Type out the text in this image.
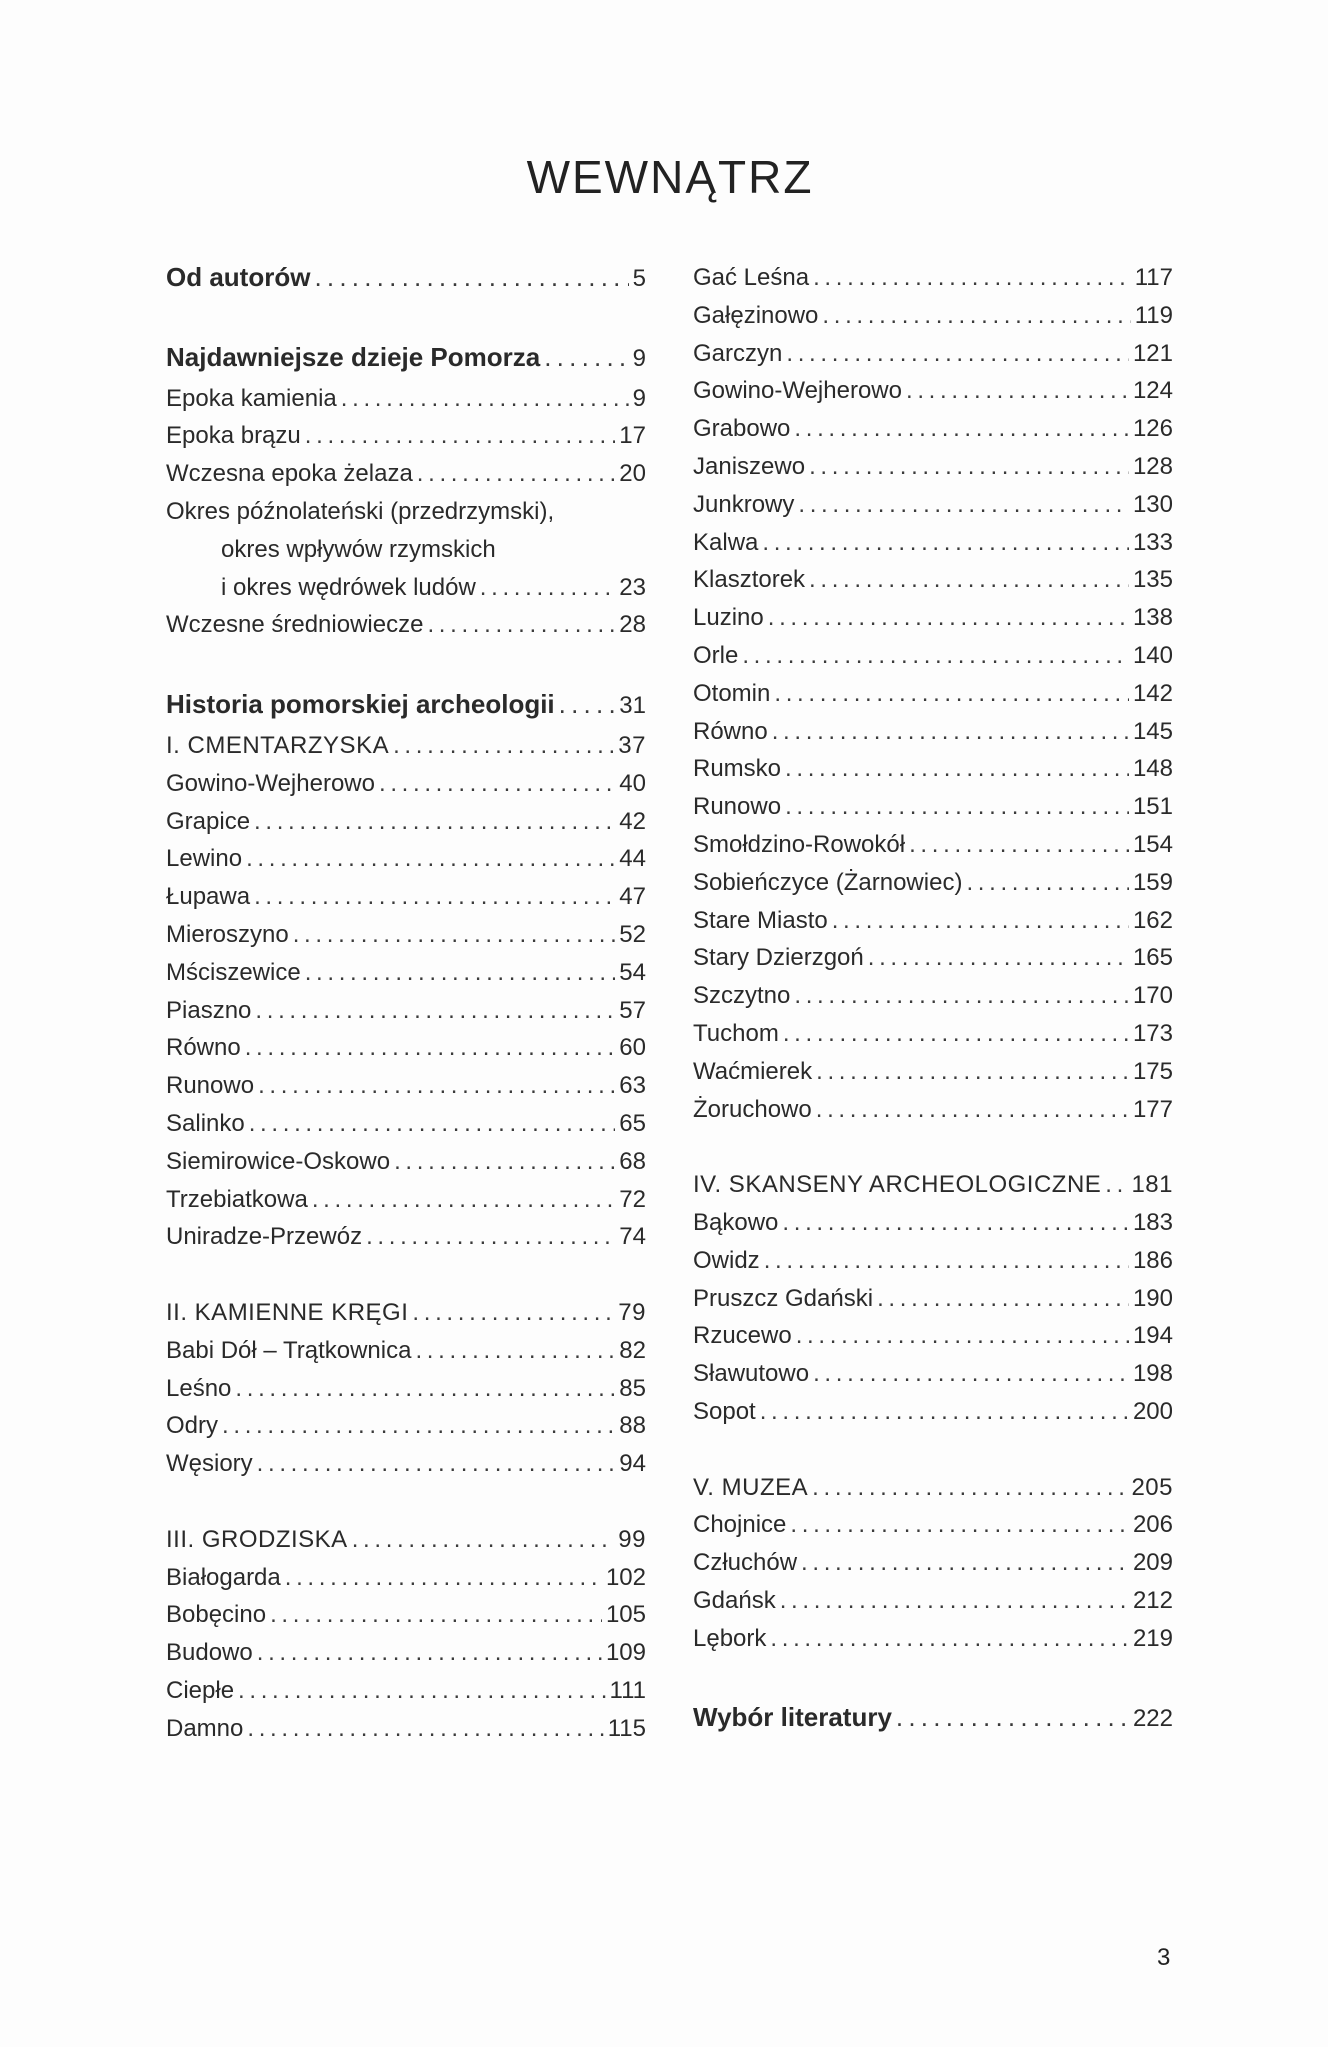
WEWNĄTRZ
Od autorów . . .	5
Najdawniejsze dzieje Pomorza . . .	9
Epoka kamienia . . .	9
Epoka brązu . . .	17
Wczesna epoka żelaza . . .	20
Okres późnolateński (przedrzymski),
okres wpływów rzymskich
i okres wędrówek ludów . . .	23
Wczesne średniowiecze . . .	28
Historia pomorskiej archeologii . . .	31
I. CMENTARZYSKA . . .	37
Gowino-Wejherowo . . .	40
Grapice . . .	42
Lewino . . .	44
Łupawa . . .	47
Mieroszyno . . .	52
Mściszewice . . .	54
Piaszno . . .	57
Równo . . .	60
Runowo . . .	63
Salinko . . .	65
Siemirowice-Oskowo . . .	68
Trzebiatkowa . . .	72
Uniradze-Przewóz . . .	74
II. KAMIENNE KRĘGI . . .	79
Babi Dół – Trątkownica . . .	82
Leśno . . .	85
Odry . . .	88
Węsiory . . .	94
III. GRODZISKA . . .	99
Białogarda . . .	102
Bobęcino . . .	105
Budowo . . .	109
Ciepłe . . .	111
Damno . . .	115
Gać Leśna . . .	117
Gałęzinowo . . .	119
Garczyn . . .	121
Gowino-Wejherowo . . .	124
Grabowo . . .	126
Janiszewo . . .	128
Junkrowy . . .	130
Kalwa . . .	133
Klasztorek . . .	135
Luzino . . .	138
Orle . . .	140
Otomin . . .	142
Równo . . .	145
Rumsko . . .	148
Runowo . . .	151
Smołdzino-Rowokół . . .	154
Sobieńczyce (Żarnowiec) . . .	159
Stare Miasto . . .	162
Stary Dzierzgoń . . .	165
Szczytno . . .	170
Tuchom . . .	173
Waćmierek . . .	175
Żoruchowo . . .	177
IV. SKANSENY ARCHEOLOGICZNE . . . 181
Bąkowo . . .	183
Owidz . . .	186
Pruszcz Gdański . . .	190
Rzucewo . . .	194
Sławutowo . . .	198
Sopot . . .	200
V. MUZEA . . .	205
Chojnice . . .	206
Człuchów . . .	209
Gdańsk . . .	212
Lębork . . .	219
Wybór literatury . . .	222
3
